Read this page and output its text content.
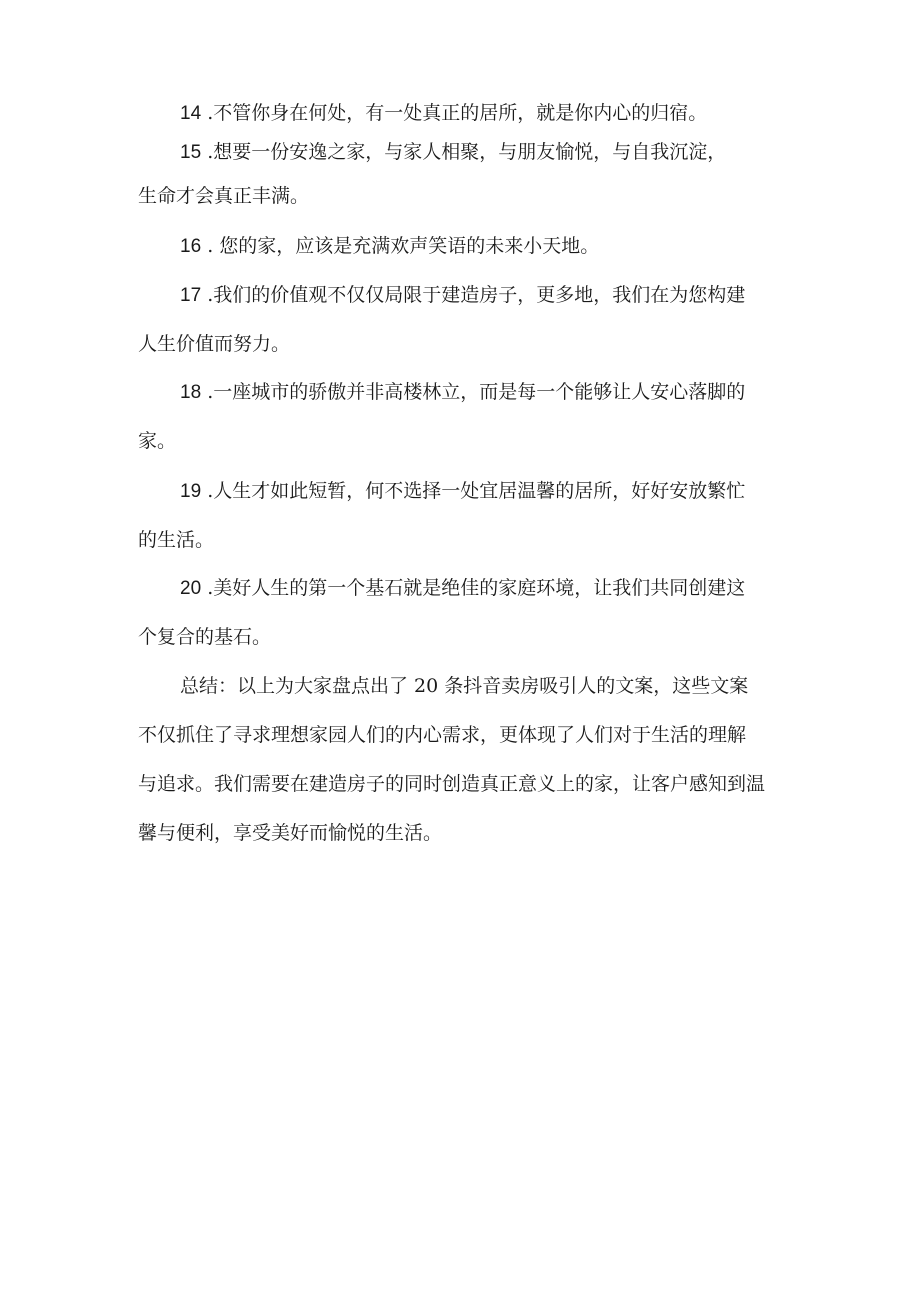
14 .不管你身在何处，有一处真正的居所，就是你内心的归宿。

15 .想要一份安逸之家，与家人相聚，与朋友愉悦，与自我沉淀，

生命才会真正丰满。

16 . 您的家，应该是充满欢声笑语的未来小天地。

17 .我们的价值观不仅仅局限于建造房子，更多地，我们在为您构建

人生价值而努力。

18 .一座城市的骄傲并非高楼林立，而是每一个能够让人安心落脚的

家。

19 .人生才如此短暂，何不选择一处宜居温馨的居所，好好安放繁忙

的生活。

20 .美好人生的第一个基石就是绝佳的家庭环境，让我们共同创建这

个复合的基石。

总结：以上为大家盘点出了 20 条抖音卖房吸引人的文案，这些文案

不仅抓住了寻求理想家园人们的内心需求，更体现了人们对于生活的理解

与追求。我们需要在建造房子的同时创造真正意义上的家，让客户感知到温

馨与便利，享受美好而愉悦的生活。
